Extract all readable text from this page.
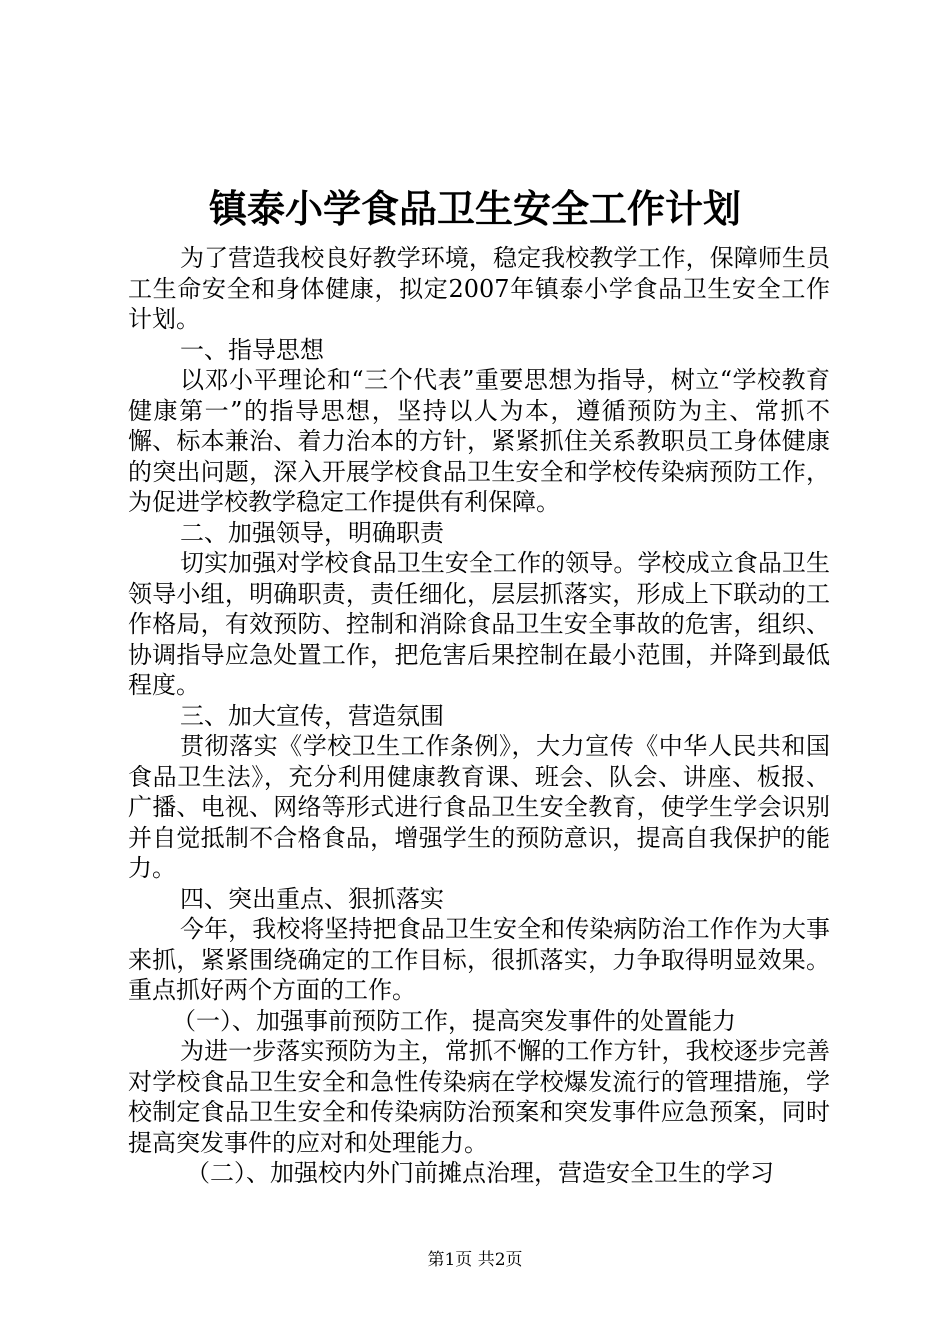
镇泰小学食品卫生安全工作计划

为了营造我校良好教学环境，稳定我校教学工作，保障师生员工生命安全和身体健康，拟定2007年镇泰小学食品卫生安全工作计划。

一、指导思想

以邓小平理论和“三个代表”重要思想为指导，树立“学校教育健康第一”的指导思想，坚持以人为本，遵循预防为主、常抓不懈、标本兼治、着力治本的方针，紧紧抓住关系教职员工身体健康的突出问题，深入开展学校食品卫生安全和学校传染病预防工作，为促进学校教学稳定工作提供有利保障。

二、加强领导，明确职责

切实加强对学校食品卫生安全工作的领导。学校成立食品卫生领导小组，明确职责，责任细化，层层抓落实，形成上下联动的工作格局，有效预防、控制和消除食品卫生安全事故的危害，组织、协调指导应急处置工作，把危害后果控制在最小范围，并降到最低程度。

三、加大宣传，营造氛围

贯彻落实《学校卫生工作条例》，大力宣传《中华人民共和国食品卫生法》，充分利用健康教育课、班会、队会、讲座、板报、广播、电视、网络等形式进行食品卫生安全教育，使学生学会识别并自觉抵制不合格食品，增强学生的预防意识，提高自我保护的能力。

四、突出重点、狠抓落实

今年，我校将坚持把食品卫生安全和传染病防治工作作为大事来抓，紧紧围绕确定的工作目标，很抓落实，力争取得明显效果。重点抓好两个方面的工作。

（一）、加强事前预防工作，提高突发事件的处置能力

为进一步落实预防为主，常抓不懈的工作方针，我校逐步完善对学校食品卫生安全和急性传染病在学校爆发流行的管理措施，学校制定食品卫生安全和传染病防治预案和突发事件应急预案，同时提高突发事件的应对和处理能力。

（二）、加强校内外门前摊点治理，营造安全卫生的学习

第1页 共2页
